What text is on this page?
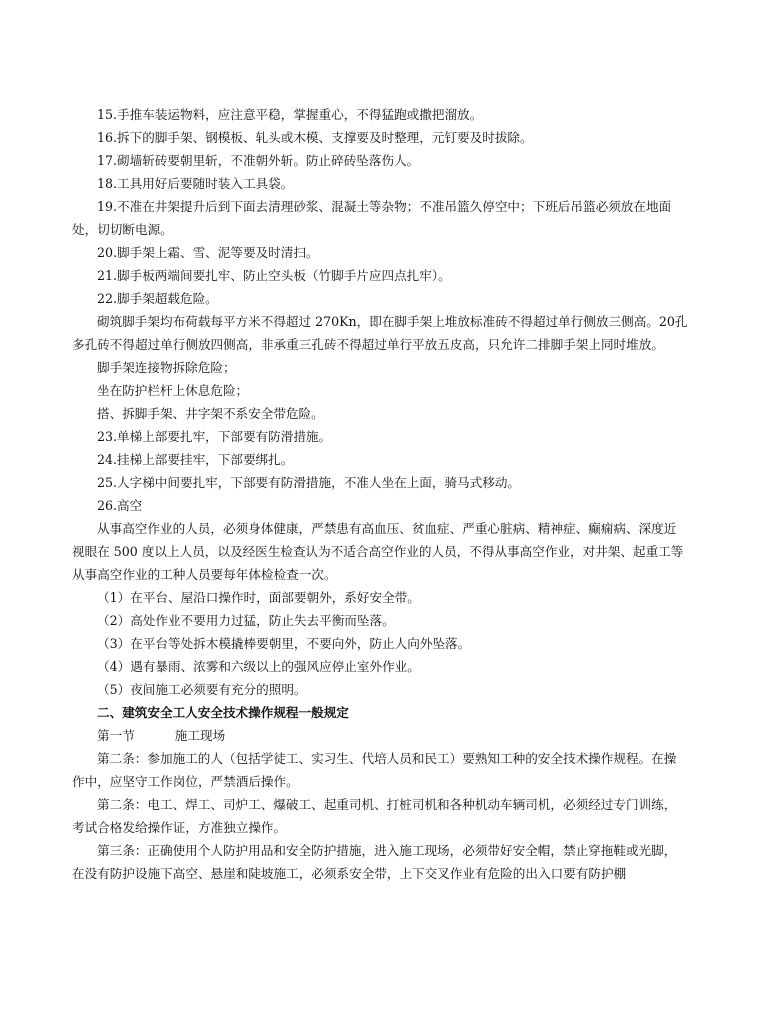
15.手推车装运物料，应注意平稳，掌握重心，不得猛跑或撒把溜放。

16.拆下的脚手架、钢模板、轧头或木模、支撑要及时整理，元钉要及时拔除。

17.砌墙斩砖要朝里斩，不准朝外斩。防止碎砖坠落伤人。

18.工具用好后要随时装入工具袋。

19.不准在井架提升后到下面去清理砂浆、混凝土等杂物；不准吊篮久停空中；下班后吊篮必须放在地面处，切切断电源。

20.脚手架上霜、雪、泥等要及时清扫。

21.脚手板两端间要扎牢、防止空头板（竹脚手片应四点扎牢）。

22.脚手架超载危险。

砌筑脚手架均布荷载每平方米不得超过 270Kn，即在脚手架上堆放标准砖不得超过单行侧放三侧高。20孔多孔砖不得超过单行侧放四侧高，非承重三孔砖不得超过单行平放五皮高，只允许二排脚手架上同时堆放。

脚手架连接物拆除危险；

坐在防护栏杆上休息危险；

搭、拆脚手架、井字架不系安全带危险。

23.单梯上部要扎牢，下部要有防滑措施。

24.挂梯上部要挂牢，下部要绑扎。

25.人字梯中间要扎牢，下部要有防滑措施，不准人坐在上面，骑马式移动。

26.高空

从事高空作业的人员，必须身体健康，严禁患有高血压、贫血症、严重心脏病、精神症、癫痫病、深度近视眼在 500 度以上人员，以及经医生检查认为不适合高空作业的人员，不得从事高空作业，对井架、起重工等从事高空作业的工种人员要每年体检检查一次。

（1）在平台、屋沿口操作时，面部要朝外，系好安全带。

（2）高处作业不要用力过猛，防止失去平衡而坠落。

（3）在平台等处拆木模撬棒要朝里，不要向外，防止人向外坠落。

（4）遇有暴雨、浓雾和六级以上的强风应停止室外作业。

（5）夜间施工必须要有充分的照明。

二、建筑安全工人安全技术操作规程一般规定

第一节	施工现场

第二条：参加施工的人（包括学徒工、实习生、代培人员和民工）要熟知工种的安全技术操作规程。在操作中，应坚守工作岗位，严禁酒后操作。

第二条：电工、焊工、司炉工、爆破工、起重司机、打桩司机和各种机动车辆司机，必须经过专门训练，考试合格发给操作证，方准独立操作。

第三条：正确使用个人防护用品和安全防护措施，进入施工现场，必须带好安全帽，禁止穿拖鞋或光脚，在没有防护设施下高空、悬崖和陡坡施工，必须系安全带，上下交叉作业有危险的出入口要有防护棚
